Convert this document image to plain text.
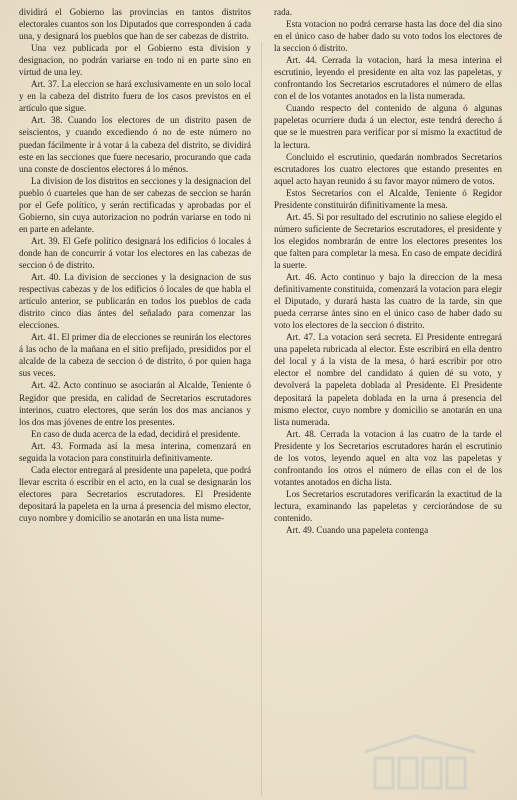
dividirá el Gobierno las provincias en tantos distritos electorales cuantos son los Diputados que corresponden á cada una, y designará los pueblos que han de ser cabezas de distrito.

Una vez publicada por el Gobierno esta division y designacion, no podrán variarse en todo ni en parte sino en virtud de una ley.

Art. 37. La eleccion se hará exclusivamente en un solo local y en la cabeza del distrito fuera de los casos previstos en el artículo que sigue.

Art. 38. Cuando los electores de un distrito pasen de seiscientos, y cuando excediendo ó no de este número no puedan fácilmente ir á votar á la cabeza del distrito, se dividirá este en las secciones que fuere necesario, procurando que cada una conste de doscientos electores á lo ménos.

La division de los distritos en secciones y la designacion del pueblo ó cuarteles que han de ser cabezas de seccion se harán por el Gefe político, y serán rectificadas y aprobadas por el Gobierno, sin cuya autorizacion no podrán variarse en todo ni en parte en adelante.

Art. 39. El Gefe político designará los edificios ó locales á donde han de concurrir á votar los electores en las cabezas de seccion ó de distrito.

Art. 40. La division de secciones y la designacion de sus respectivas cabezas y de los edificios ó locales de que habla el artículo anterior, se publicarán en todos los pueblos de cada distrito cinco dias ántes del señalado para comenzar las elecciones.

Art. 41. El primer dia de elecciones se reunirán los electores á las ocho de la mañana en el sitio prefijado, presididos por el alcalde de la cabeza de seccion ó de distrito, ó por quien haga sus veces.

Art. 42. Acto continuo se asociarán al Alcalde, Teniente ó Regidor que presida, en calidad de Secretarios escrutadores interinos, cuatro electores, que serán los dos mas ancianos y los dos mas jóvenes de entre los presentes.

En caso de duda acerca de la edad, decidirá el presidente.

Art. 43. Formada así la mesa interina, comenzará en seguida la votacion para constituirla definitivamente.

Cada elector entregará al presidente una papeleta, que podrá llevar escrita ó escribir en el acto, en la cual se designarán los electores para Secretarios escrutadores. El Presidente depositará la papeleta en la urna á presencia del mismo elector, cuyo nombre y domicilio se anotarán en una lista nume-

rada.

Esta votacion no podrá cerrarse hasta las doce del dia sino en el único caso de haber dado su voto todos los electores de la seccion ó distrito.

Art. 44. Cerrada la votacion, hará la mesa interina el escrutinio, leyendo el presidente en alta voz las papeletas, y confrontando los Secretarios escrutadores el número de ellas con el de los votantes anotados en la lista numerada.

Cuando respecto del contenido de alguna ó algunas papeletas ocurriere duda á un elector, este tendrá derecho á que se le muestren para verificar por sí mismo la exactitud de la lectura.

Concluido el escrutinio, quedarán nombrados Secretarios escrutadores los cuatro electores que estando presentes en aquel acto hayan reunido á su favor mayor número de votos.

Estos Secretarios con el Alcalde, Teniente ó Regidor Presidente constituirán difinitivamente la mesa.

Art. 45. Si por resultado del escrutinio no saliese elegido el número suficiente de Secretarios escrutadores, el presidente y los elegidos nombrarán de entre los electores presentes los que falten para completar la mesa. En caso de empate decidirá la suerte.

Art. 46. Acto continuo y bajo la direccion de la mesa definitivamente constituida, comenzará la votacion para elegir el Diputado, y durará hasta las cuatro de la tarde, sin que pueda cerrarse ántes sino en el único caso de haber dado su voto los electores de la seccion ó distrito.

Art. 47. La votacion será secreta. El Presidente entregará una papeleta rubricada al elector. Este escribirá en ella dentro del local y á la vista de la mesa, ó hará escribir por otro elector el nombre del candidato á quien dé su voto, y devolverá la papeleta doblada al Presidente. El Presidente depositará la papeleta doblada en la urna á presencia del mismo elector, cuyo nombre y domicilio se anotarán en una lista numerada.

Art. 48. Cerrada la votacion á las cuatro de la tarde el Presidente y los Secretarios escrutadores harán el escrutinio de los votos, leyendo aquel en alta voz las papeletas y confrontando los otros el número de ellas con el de los votantes anotados en dicha lista.

Los Secretarios escrutadores verificarán la exactitud de la lectura, examinando las papeletas y cerciorándose de su contenido.

Art. 49. Cuando una papeleta contenga
